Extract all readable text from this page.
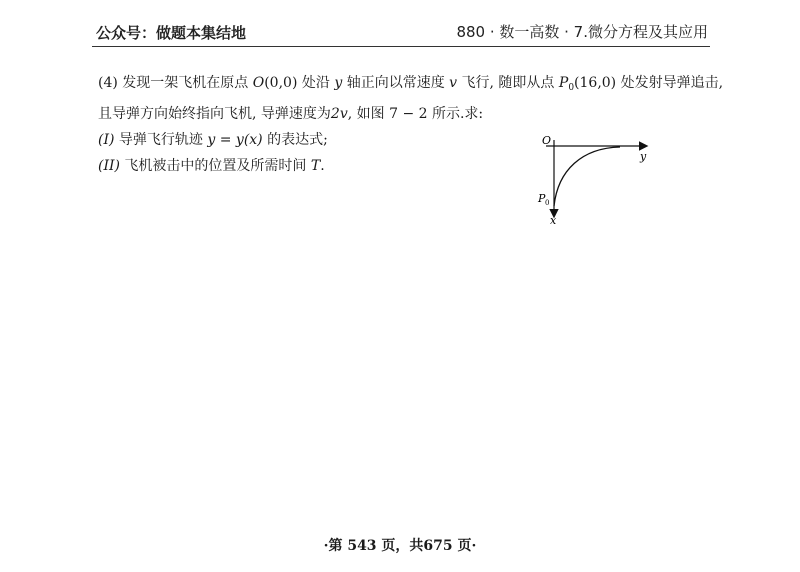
公众号：做题本集结地	880 · 数一高数 · 7.微分方程及其应用
(4) 发现一架飞机在原点 O(0,0) 处沿 y 轴正向以常速度 v 飞行, 随即从点 $P_0(16,0)$ 处发射导弹追击,
且导弹方向始终指向飞机, 导弹速度为2v, 如图 7 − 2 所示.求:
(I) 导弹飞行轨迹 y = y(x) 的表达式;
(II) 飞机被击中的位置及所需时间 T.
O
y
P 0
x
·第 543 页，共675 页·
